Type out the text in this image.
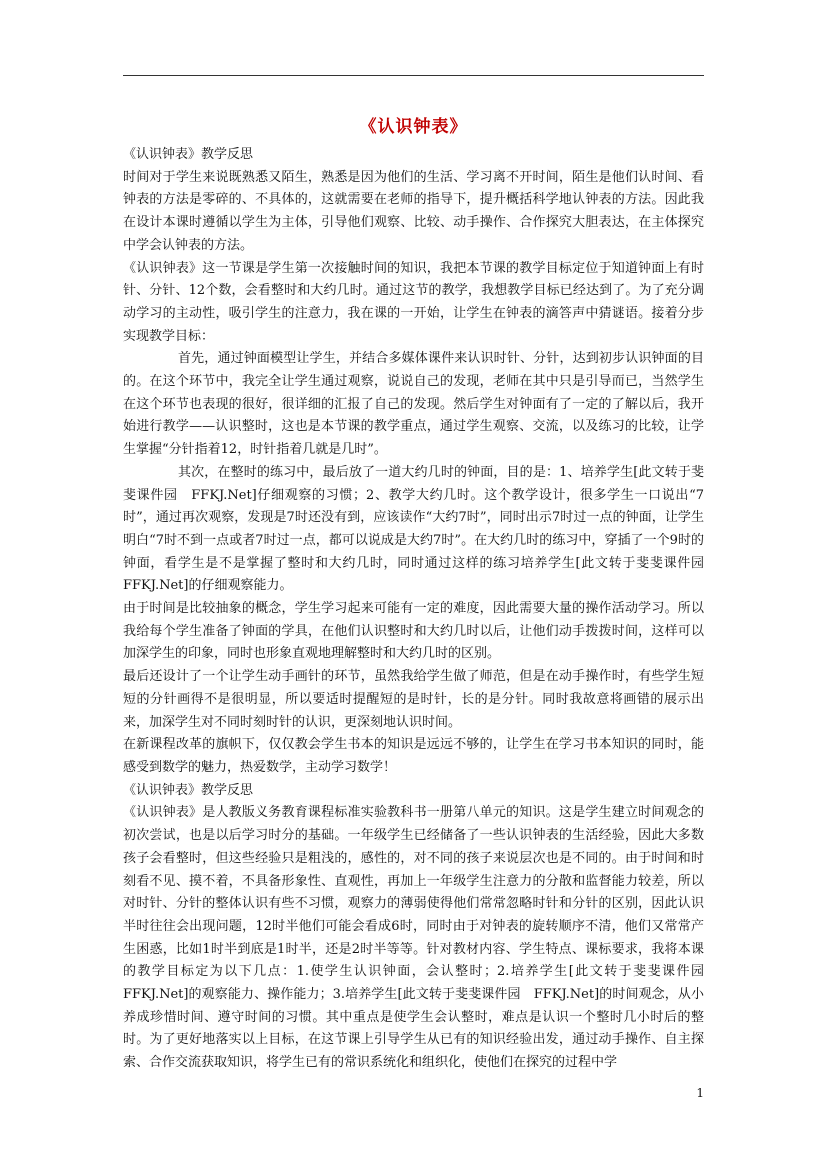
《认识钟表》

《认识钟表》教学反思

时间对于学生来说既熟悉又陌生，熟悉是因为他们的生活、学习离不开时间，陌生是他们认时间、看钟表的方法是零碎的、不具体的，这就需要在老师的指导下，提升概括科学地认钟表的方法。因此我在设计本课时遵循以学生为主体，引导他们观察、比较、动手操作、合作探究大胆表达，在主体探究中学会认钟表的方法。

《认识钟表》这一节课是学生第一次接触时间的知识，我把本节课的教学目标定位于知道钟面上有时针、分针、12个数，会看整时和大约几时。通过这节的教学，我想教学目标已经达到了。为了充分调动学习的主动性，吸引学生的注意力，我在课的一开始，让学生在钟表的滴答声中猜谜语。接着分步实现教学目标：

首先，通过钟面模型让学生，并结合多媒体课件来认识时针、分针，达到初步认识钟面的目的。在这个环节中，我完全让学生通过观察，说说自己的发现，老师在其中只是引导而已，当然学生在这个环节也表现的很好，很详细的汇报了自己的发现。然后学生对钟面有了一定的了解以后，我开始进行教学——认识整时，这也是本节课的教学重点，通过学生观察、交流，以及练习的比较，让学生掌握“分针指着12，时针指着几就是几时”。

其次，在整时的练习中，最后放了一道大约几时的钟面，目的是：1、培养学生[此文转于斐斐课件园　FFKJ.Net]仔细观察的习惯；2、教学大约几时。这个教学设计，很多学生一口说出“7时”，通过再次观察，发现是7时还没有到，应该读作“大约7时”，同时出示7时过一点的钟面，让学生明白“7时不到一点或者7时过一点，都可以说成是大约7时”。在大约几时的练习中，穿插了一个9时的钟面，看学生是不是掌握了整时和大约几时，同时通过这样的练习培养学生[此文转于斐斐课件园　FFKJ.Net]的仔细观察能力。

由于时间是比较抽象的概念，学生学习起来可能有一定的难度，因此需要大量的操作活动学习。所以我给每个学生准备了钟面的学具，在他们认识整时和大约几时以后，让他们动手拨拨时间，这样可以加深学生的印象，同时也形象直观地理解整时和大约几时的区别。

最后还设计了一个让学生动手画针的环节，虽然我给学生做了师范，但是在动手操作时，有些学生短短的分针画得不是很明显，所以要适时提醒短的是时针，长的是分针。同时我故意将画错的展示出来，加深学生对不同时刻时针的认识，更深刻地认识时间。

在新课程改革的旗帜下，仅仅教会学生书本的知识是远远不够的，让学生在学习书本知识的同时，能感受到数学的魅力，热爱数学，主动学习数学！

《认识钟表》教学反思

《认识钟表》是人教版义务教育课程标准实验教科书一册第八单元的知识。这是学生建立时间观念的初次尝试，也是以后学习时分的基础。一年级学生已经储备了一些认识钟表的生活经验，因此大多数孩子会看整时，但这些经验只是粗浅的，感性的，对不同的孩子来说层次也是不同的。由于时间和时刻看不见、摸不着，不具备形象性、直观性，再加上一年级学生注意力的分散和监督能力较差，所以对时针、分针的整体认识有些不习惯，观察力的薄弱使得他们常常忽略时针和分针的区别，因此认识半时往往会出现问题，12时半他们可能会看成6时，同时由于对钟表的旋转顺序不清，他们又常常产生困惑，比如1时半到底是1时半，还是2时半等等。针对教材内容、学生特点、课标要求，我将本课的教学目标定为以下几点：1.使学生认识钟面，会认整时；2.培养学生[此文转于斐斐课件园　FFKJ.Net]的观察能力、操作能力；3.培养学生[此文转于斐斐课件园　FFKJ.Net]的时间观念，从小养成珍惜时间、遵守时间的习惯。其中重点是使学生会认整时，难点是认识一个整时几小时后的整时。为了更好地落实以上目标，在这节课上引导学生从已有的知识经验出发，通过动手操作、自主探索、合作交流获取知识，将学生已有的常识系统化和组织化，使他们在探究的过程中学

1
